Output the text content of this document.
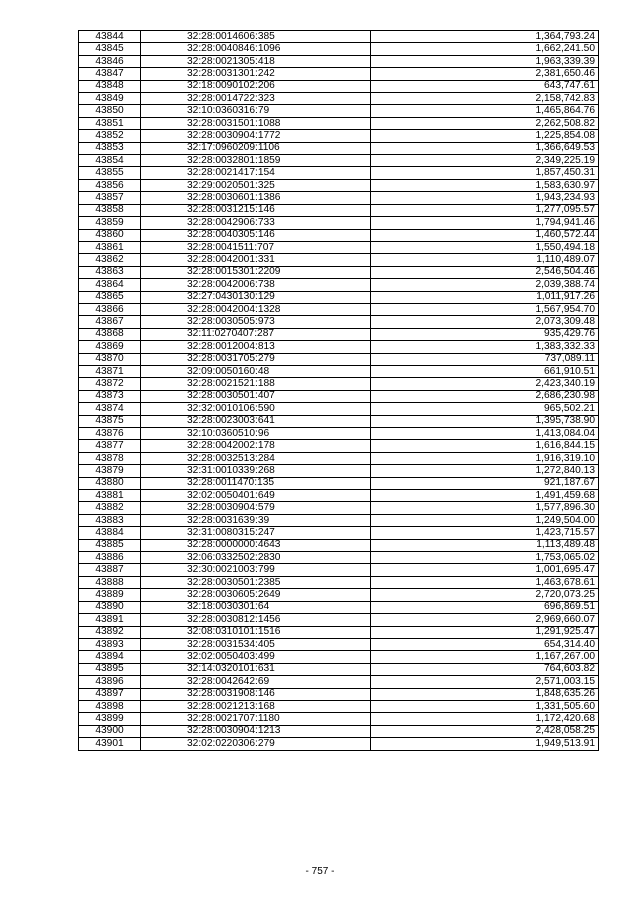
43844	32:28:0014606:385	1,364,793.24
43845	32:28:0040846:1096	1,662,241.50
43846	32:28:0021305:418	1,963,339.39
43847	32:28:0031301:242	2,381,650.46
43848	32:18:0090102:206	643,747.61
43849	32:28:0014722:323	2,158,742.83
43850	32:10:0360316:79	1,465,864.76
43851	32:28:0031501:1088	2,262,508.82
43852	32:28:0030904:1772	1,225,854.08
43853	32:17:0960209:1106	1,366,649.53
43854	32:28:0032801:1859	2,349,225.19
43855	32:28:0021417:154	1,857,450.31
43856	32:29:0020501:325	1,583,630.97
43857	32:28:0030601:1386	1,943,234.93
43858	32:28:0031215:146	1,277,095.57
43859	32:28:0042906:733	1,794,941.46
43860	32:28:0040305:146	1,460,572.44
43861	32:28:0041511:707	1,550,494.18
43862	32:28:0042001:331	1,110,489.07
43863	32:28:0015301:2209	2,546,504.46
43864	32:28:0042006:738	2,039,388.74
43865	32:27:0430130:129	1,011,917.26
43866	32:28:0042004:1328	1,567,954.70
43867	32:28:0030505:973	2,073,309.48
43868	32:11:0270407:287	935,429.76
43869	32:28:0012004:813	1,383,332.33
43870	32:28:0031705:279	737,089.11
43871	32:09:0050160:48	661,910.51
43872	32:28:0021521:188	2,423,340.19
43873	32:28:0030501:407	2,686,230.98
43874	32:32:0010106:590	965,502.21
43875	32:28:0023003:641	1,395,738.90
43876	32:10:0360510:96	1,413,084.04
43877	32:28:0042002:178	1,616,844.15
43878	32:28:0032513:284	1,916,319.10
43879	32:31:0010339:268	1,272,840.13
43880	32:28:0011470:135	921,187.67
43881	32:02:0050401:649	1,491,459.68
43882	32:28:0030904:579	1,577,896.30
43883	32:28:0031639:39	1,249,504.00
43884	32:31:0080315:247	1,423,715.57
43885	32:28:0000000:4643	1,113,489.48
43886	32:06:0332502:2830	1,753,065.02
43887	32:30:0021003:799	1,001,695.47
43888	32:28:0030501:2385	1,463,678.61
43889	32:28:0030605:2649	2,720,073.25
43890	32:18:0030301:64	696,869.51
43891	32:28:0030812:1456	2,969,660.07
43892	32:08:0310101:1516	1,291,925.47
43893	32:28:0031534:405	654,314.40
43894	32:02:0050403:499	1,167,267.00
43895	32:14:0320101:631	764,603.82
43896	32:28:0042642:69	2,571,003.15
43897	32:28:0031908:146	1,848,635.26
43898	32:28:0021213:168	1,331,505.60
43899	32:28:0021707:1180	1,172,420.68
43900	32:28:0030904:1213	2,428,058.25
43901	32:02:0220306:279	1,949,513.91
- 757 -
